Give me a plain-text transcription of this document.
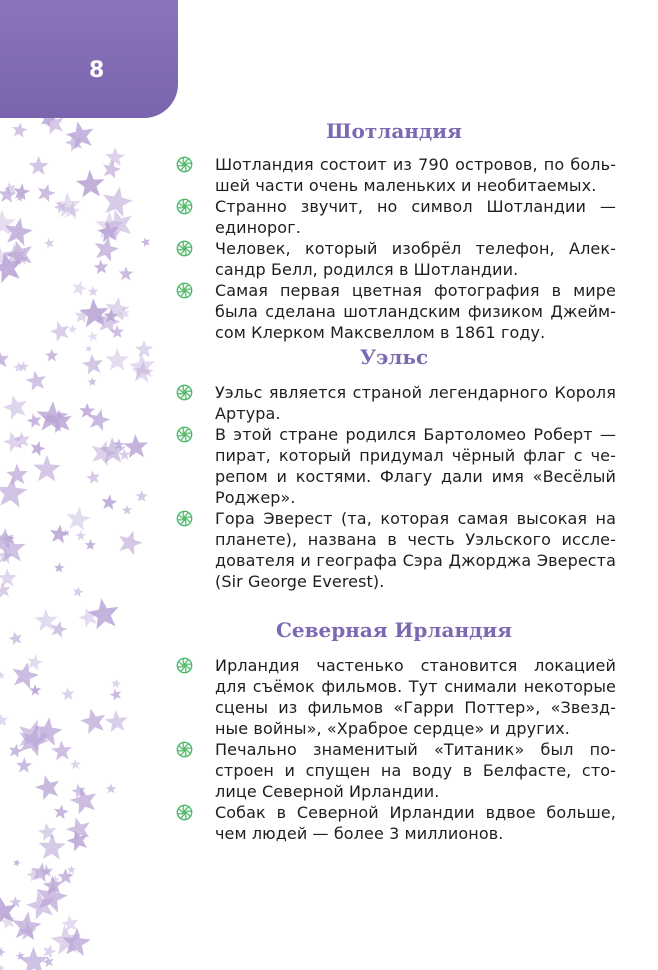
8
Шотландия
Шотландия состоит из 790 островов, по боль-шей части очень маленьких и необитаемых.
Странно звучит, но символ Шотландии — единорог.
Человек, который изобрёл телефон, Алек-сандр Белл, родился в Шотландии.
Самая первая цветная фотография в мире была сделана шотландским физиком Джейм-сом Клерком Максвеллом в 1861 году.
Уэльс
Уэльс является страной легендарного Короля Артура.
В этой стране родился Бартоломео Роберт — пират, который придумал чёрный флаг с че-репом и костями. Флагу дали имя «Весёлый Роджер».
Гора Эверест (та, которая самая высокая на планете), названа в честь Уэльского иссле-дователя и географа Сэра Джорджа Эвереста (Sir George Everest).
Северная Ирландия
Ирландия частенько становится локацией для съёмок фильмов. Тут снимали некоторые сцены из фильмов «Гарри Поттер», «Звезд-ные войны», «Храброе сердце» и других.
Печально знаменитый «Титаник» был по-строен и спущен на воду в Белфасте, сто-лице Северной Ирландии.
Собак в Северной Ирландии вдвое больше, чем людей — более 3 миллионов.
